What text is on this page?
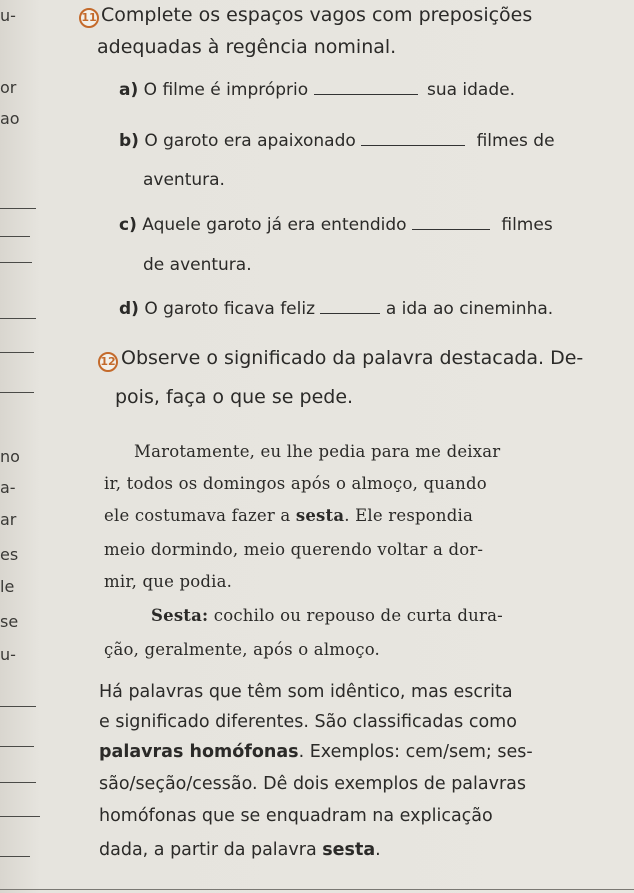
u-
or
ao
no
a-
ar
es
le
se
u-
11 Complete os espaços vagos com preposições
adequadas à regência nominal.
a) O filme é impróprio	sua idade.
b) O garoto era apaixonado	filmes de
aventura.
c) Aquele garoto já era entendido	filmes
de aventura.
d) O garoto ficava feliz	a ida ao cineminha.
12 Observe o significado da palavra destacada. De-
pois, faça o que se pede.
Marotamente, eu lhe pedia para me deixar
ir, todos os domingos após o almoço, quando
ele costumava fazer a sesta. Ele respondia
meio dormindo, meio querendo voltar a dor-
mir, que podia.
Sesta: cochilo ou repouso de curta dura-
ção, geralmente, após o almoço.
Há palavras que têm som idêntico, mas escrita
e significado diferentes. São classificadas como
palavras homófonas. Exemplos: cem/sem; ses-
são/seção/cessão. Dê dois exemplos de palavras
homófonas que se enquadram na explicação
dada, a partir da palavra sesta.
